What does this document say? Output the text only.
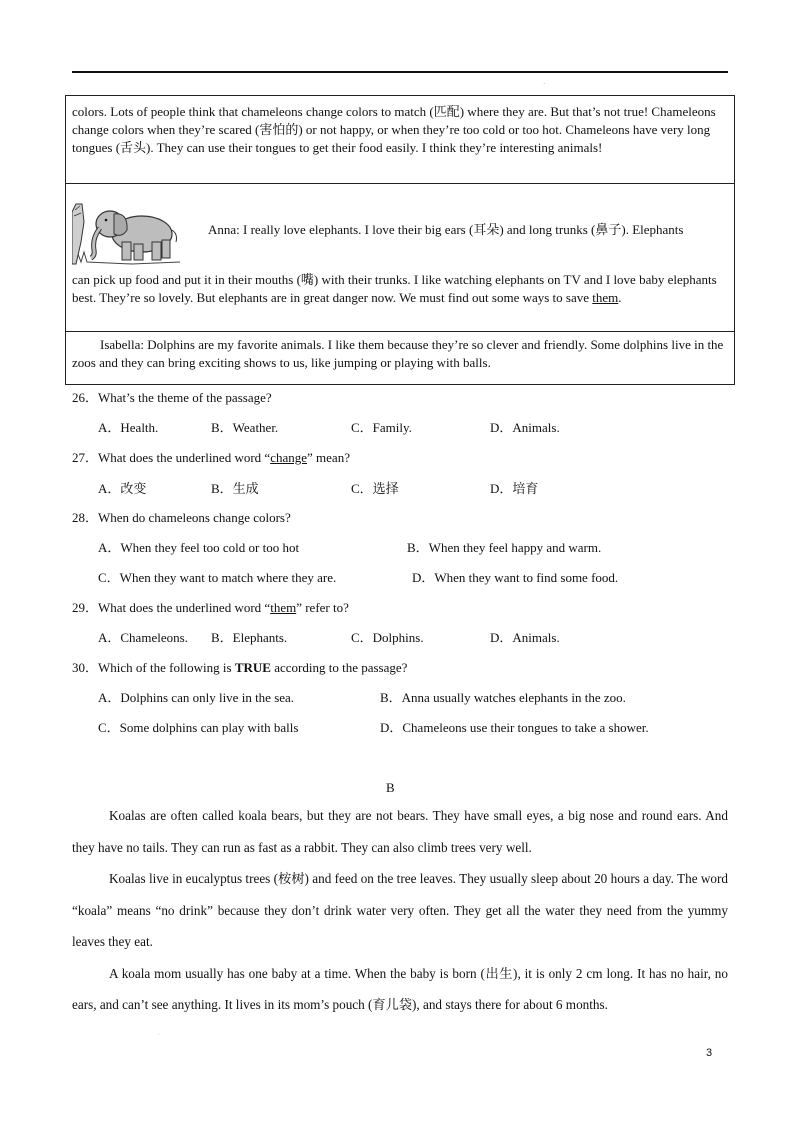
·

colors. Lots of people think that chameleons change colors to match (匹配) where they are. But that’s not true! Chameleons change colors when they’re scared (害怕的) or not happy, or when they’re too cold or too hot. Chameleons have very long tongues (舌头). They can use their tongues to get their food easily. I think they’re interesting animals!

Anna: I really love elephants. I love their big ears (耳朵) and long trunks (鼻子). Elephants

can pick up food and put it in their mouths (嘴) with their trunks. I like watching elephants on TV and I love baby elephants best. They’re so lovely. But elephants are in great danger now. We must find out some ways to save them.

Isabella: Dolphins are my favorite animals. I like them because they’re so clever and friendly. Some dolphins live in the zoos and they can bring exciting shows to us, like jumping or playing with balls.

26．What’s the theme of the passage?
A．Health.	B．Weather.	C．Family.	D．Animals.
27．What does the underlined word “change” mean?
A．改变	B．生成	C．选择	D．培育
28．When do chameleons change colors?
A．When they feel too cold or too hot	B．When they feel happy and warm.
C．When they want to match where they are.	D．When they want to find some food.
29．What does the underlined word “them” refer to?
A．Chameleons. B．Elephants.	C．Dolphins.	D．Animals.
30．Which of the following is TRUE according to the passage?
A．Dolphins can only live in the sea.	B．Anna usually watches elephants in the zoo.
C．Some dolphins can play with balls	D．Chameleons use their tongues to take a shower.
B

Koalas are often called koala bears, but they are not bears. They have small eyes, a big nose and round ears. And they have no tails. They can run as fast as a rabbit. They can also climb trees very well.

Koalas live in eucalyptus trees (桉树) and feed on the tree leaves. They usually sleep about 20 hours a day. The word “koala” means “no drink” because they don’t drink water very often. They get all the water they need from the yummy leaves they eat.

A koala mom usually has one baby at a time. When the baby is born (出生), it is only 2 cm long. It has no hair, no ears, and can’t see anything. It lives in its mom’s pouch (育儿袋), and stays there for about 6 months.

·
3
